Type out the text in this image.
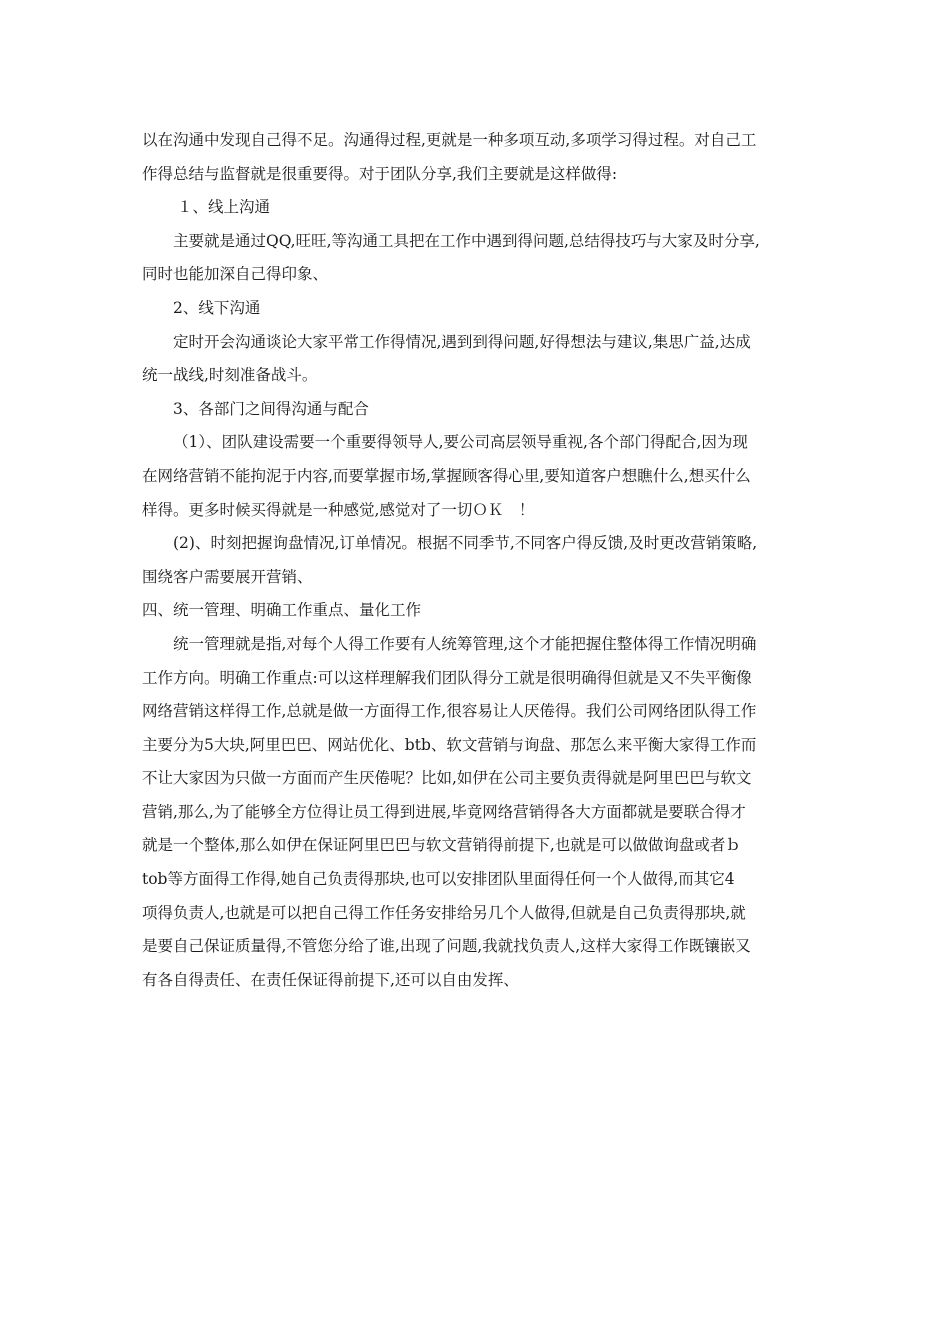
以在沟通中发现自己得不足。沟通得过程,更就是一种多项互动,多项学习得过程。对自己工

作得总结与监督就是很重要得。对于团队分享,我们主要就是这样做得:

１、线上沟通

主要就是通过QQ,旺旺,等沟通工具把在工作中遇到得问题,总结得技巧与大家及时分享,

同时也能加深自己得印象、

2、线下沟通

定时开会沟通谈论大家平常工作得情况,遇到到得问题,好得想法与建议,集思广益,达成

统一战线,时刻准备战斗。

3、各部门之间得沟通与配合

（1）、团队建设需要一个重要得领导人,要公司高层领导重视,各个部门得配合,因为现

在网络营销不能拘泥于内容,而要掌握市场,掌握顾客得心里,要知道客户想瞧什么,想买什么

样得。更多时候买得就是一种感觉,感觉对了一切ＯＫ　！

(2)、时刻把握询盘情况,订单情况。根据不同季节,不同客户得反馈,及时更改营销策略,

围绕客户需要展开营销、

四、统一管理、明确工作重点、量化工作

统一管理就是指,对每个人得工作要有人统筹管理,这个才能把握住整体得工作情况明确

工作方向。明确工作重点:可以这样理解我们团队得分工就是很明确得但就是又不失平衡像

网络营销这样得工作,总就是做一方面得工作,很容易让人厌倦得。我们公司网络团队得工作

主要分为5大块,阿里巴巴、网站优化、btb、软文营销与询盘、那怎么来平衡大家得工作而

不让大家因为只做一方面而产生厌倦呢？比如,如伊在公司主要负责得就是阿里巴巴与软文

营销,那么,为了能够全方位得让员工得到进展,毕竟网络营销得各大方面都就是要联合得才

就是一个整体,那么如伊在保证阿里巴巴与软文营销得前提下,也就是可以做做询盘或者ｂ

tob等方面得工作得,她自己负责得那块,也可以安排团队里面得任何一个人做得,而其它4

项得负责人,也就是可以把自己得工作任务安排给另几个人做得,但就是自己负责得那块,就

是要自己保证质量得,不管您分给了谁,出现了问题,我就找负责人,这样大家得工作既镶嵌又

有各自得责任、在责任保证得前提下,还可以自由发挥、
